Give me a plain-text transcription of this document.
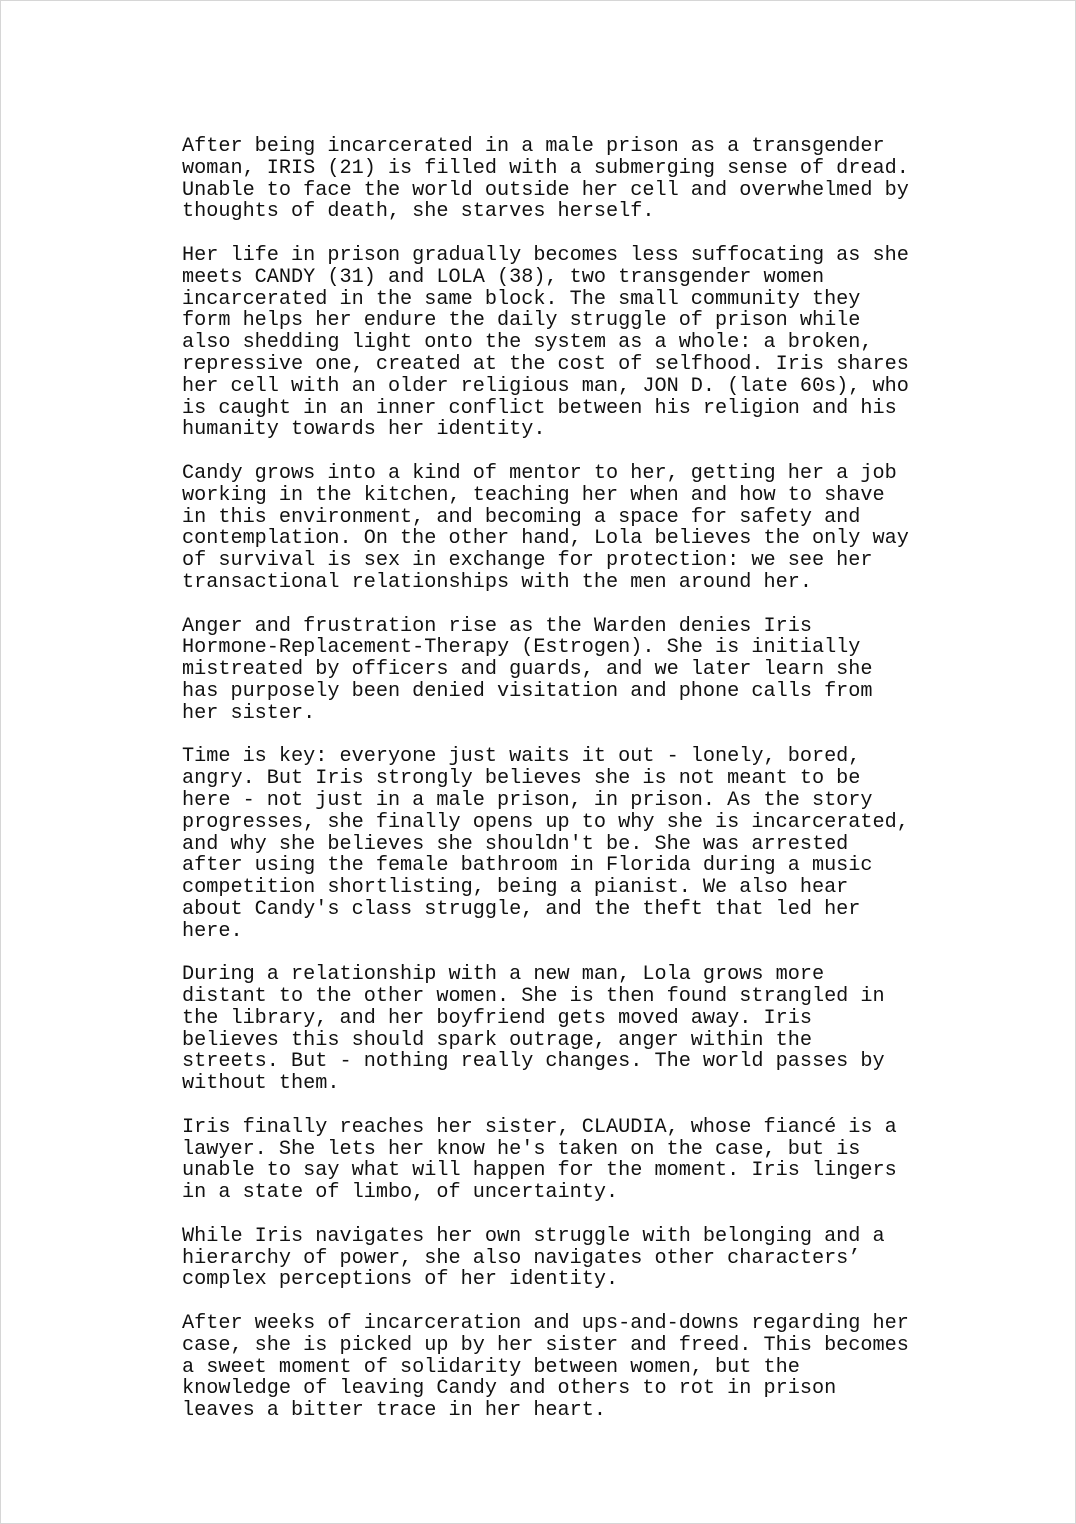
After being incarcerated in a male prison as a transgender
woman, IRIS (21) is filled with a submerging sense of dread.
Unable to face the world outside her cell and overwhelmed by
thoughts of death, she starves herself.

Her life in prison gradually becomes less suffocating as she
meets CANDY (31) and LOLA (38), two transgender women
incarcerated in the same block. The small community they
form helps her endure the daily struggle of prison while
also shedding light onto the system as a whole: a broken,
repressive one, created at the cost of selfhood. Iris shares
her cell with an older religious man, JON D. (late 60s), who
is caught in an inner conflict between his religion and his
humanity towards her identity.

Candy grows into a kind of mentor to her, getting her a job
working in the kitchen, teaching her when and how to shave
in this environment, and becoming a space for safety and
contemplation. On the other hand, Lola believes the only way
of survival is sex in exchange for protection: we see her
transactional relationships with the men around her.

Anger and frustration rise as the Warden denies Iris
Hormone-Replacement-Therapy (Estrogen). She is initially
mistreated by officers and guards, and we later learn she
has purposely been denied visitation and phone calls from
her sister.

Time is key: everyone just waits it out - lonely, bored,
angry. But Iris strongly believes she is not meant to be
here - not just in a male prison, in prison. As the story
progresses, she finally opens up to why she is incarcerated,
and why she believes she shouldn't be. She was arrested
after using the female bathroom in Florida during a music
competition shortlisting, being a pianist. We also hear
about Candy's class struggle, and the theft that led her
here.

During a relationship with a new man, Lola grows more
distant to the other women. She is then found strangled in
the library, and her boyfriend gets moved away. Iris
believes this should spark outrage, anger within the
streets. But - nothing really changes. The world passes by
without them.

Iris finally reaches her sister, CLAUDIA, whose fiancé is a
lawyer. She lets her know he's taken on the case, but is
unable to say what will happen for the moment. Iris lingers
in a state of limbo, of uncertainty.

While Iris navigates her own struggle with belonging and a
hierarchy of power, she also navigates other characters’
complex perceptions of her identity.

After weeks of incarceration and ups-and-downs regarding her
case, she is picked up by her sister and freed. This becomes
a sweet moment of solidarity between women, but the
knowledge of leaving Candy and others to rot in prison
leaves a bitter trace in her heart.
